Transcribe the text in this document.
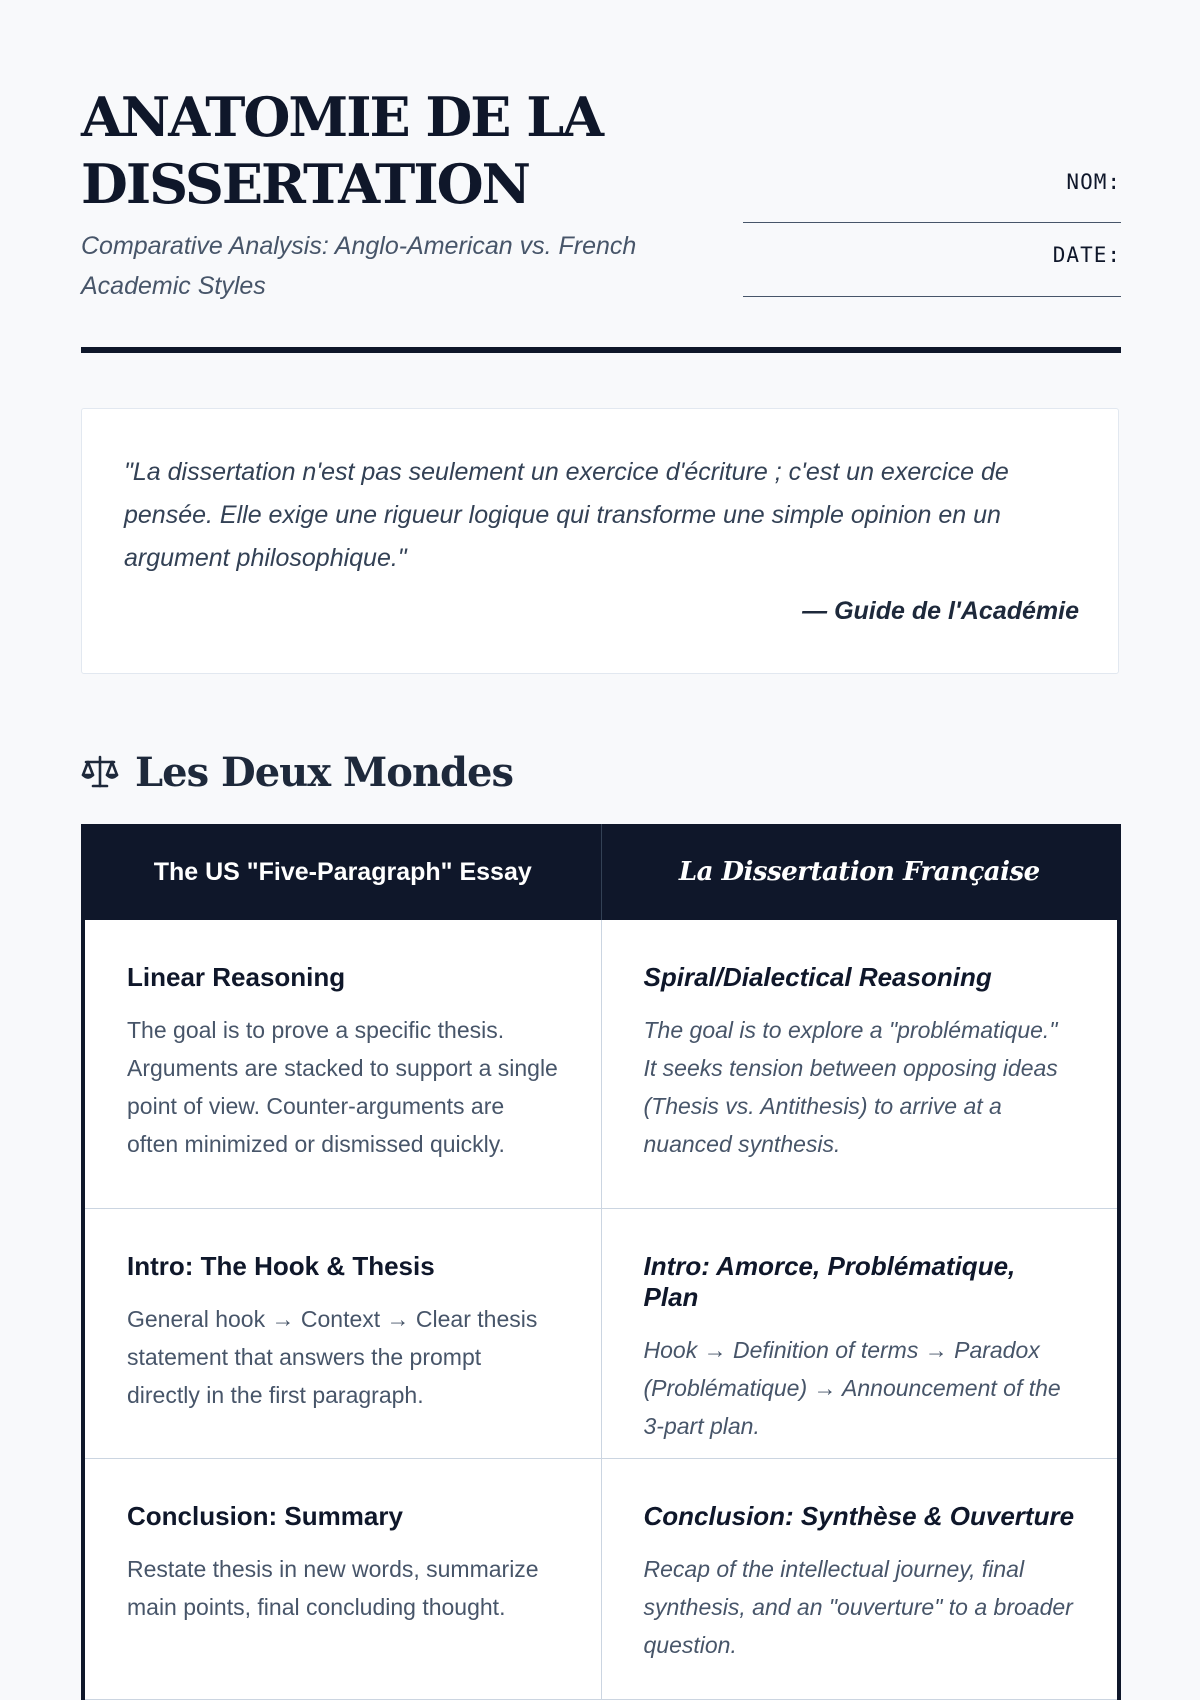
ANATOMIE DE LA
DISSERTATION

Comparative Analysis: Anglo-American vs. French
Academic Styles

NOM:
DATE:

"La dissertation n'est pas seulement un exercice d'écriture ; c'est un exercice de pensée. Elle exige une rigueur logique qui transforme une simple opinion en un argument philosophique."

— Guide de l'Académie
Les Deux Mondes
The US "Five-Paragraph" Essay	La Dissertation Française
Linear Reasoning

The goal is to prove a specific thesis. Arguments are stacked to support a single point of view. Counter-arguments are often minimized or dismissed quickly.

Spiral/Dialectical Reasoning

The goal is to explore a "problématique." It seeks tension between opposing ideas (Thesis vs. Antithesis) to arrive at a nuanced synthesis.

Intro: The Hook & Thesis

General hook → Context → Clear thesis statement that answers the prompt directly in the first paragraph.

Intro: Amorce, Problématique, Plan

Hook → Definition of terms → Paradox (Problématique) → Announcement of the 3-part plan.

Conclusion: Summary

Restate thesis in new words, summarize main points, final concluding thought.

Conclusion: Synthèse & Ouverture

Recap of the intellectual journey, final synthesis, and an "ouverture" to a broader question.
